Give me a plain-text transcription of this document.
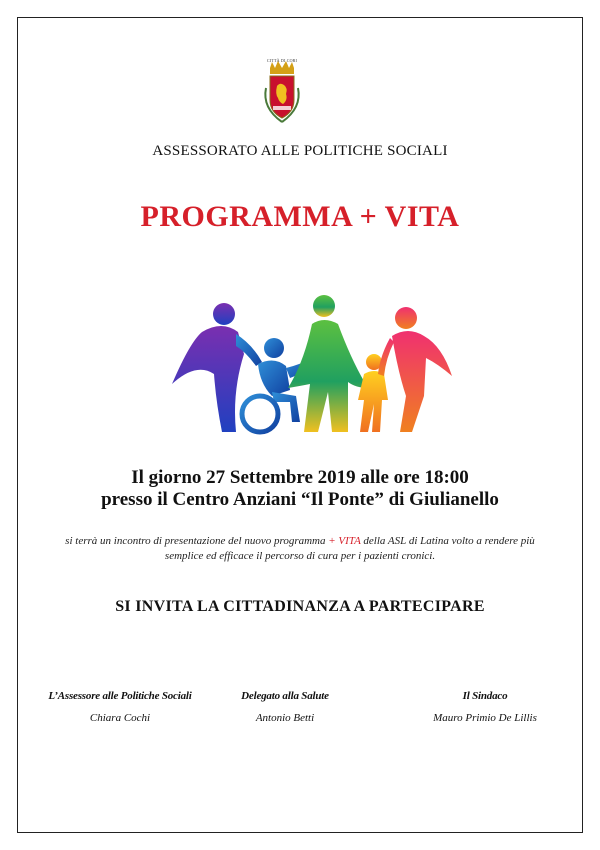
CITTÀ DI CORI
ASSESSORATO ALLE POLITICHE SOCIALI
PROGRAMMA + VITA
Il giorno 27 Settembre 2019 alle ore 18:00
presso il Centro Anziani “Il Ponte” di Giulianello
si terrà un incontro di presentazione del nuovo programma + VITA della ASL di Latina volto a rendere più semplice ed efficace il percorso di cura per i pazienti cronici.
SI INVITA LA CITTADINANZA A PARTECIPARE
L’Assessore alle Politiche Sociali
Chiara Cochi
Delegato alla Salute
Antonio Betti
Il Sindaco
Mauro Primio De Lillis
